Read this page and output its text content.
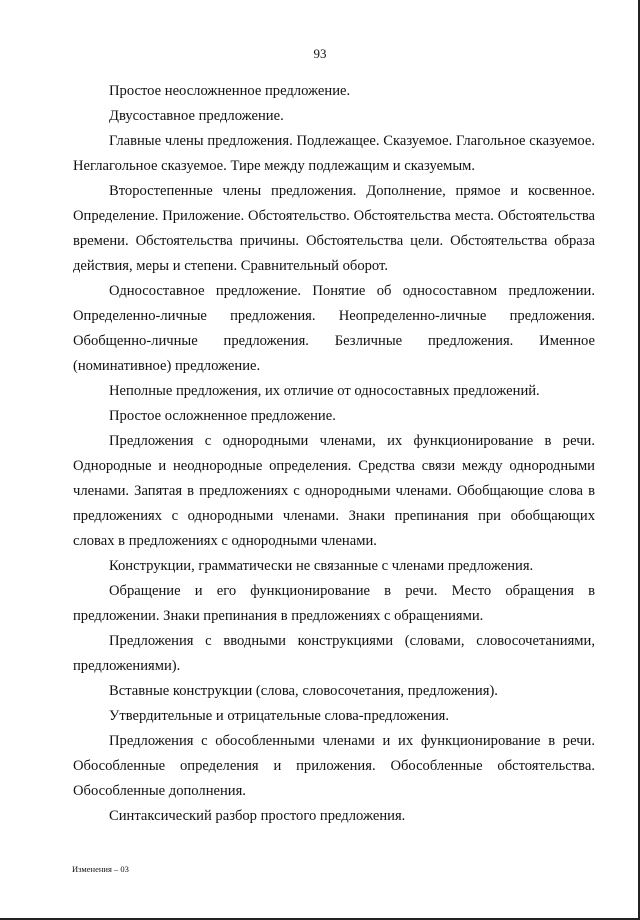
93

Простое неосложненное предложение.

Двусоставное предложение.

Главные члены предложения. Подлежащее. Сказуемое. Глагольное сказуемое. Неглагольное сказуемое. Тире между подлежащим и сказуемым.

Второстепенные члены предложения. Дополнение, прямое и косвенное. Определение. Приложение. Обстоятельство. Обстоятельства места. Обстоятельства времени. Обстоятельства причины. Обстоятельства цели. Обстоятельства образа действия, меры и степени. Сравнительный оборот.

Односоставное предложение. Понятие об односоставном предложении. Определенно-личные предложения. Неопределенно-личные предложения. Обобщенно-личные предложения. Безличные предложения. Именное (номинативное) предложение.

Неполные предложения, их отличие от односоставных предложений.

Простое осложненное предложение.

Предложения с однородными членами, их функционирование в речи. Однородные и неоднородные определения. Средства связи между однородными членами. Запятая в предложениях с однородными членами. Обобщающие слова в предложениях с однородными членами. Знаки препинания при обобщающих словах в предложениях с однородными членами.

Конструкции, грамматически не связанные с членами предложения.

Обращение и его функционирование в речи. Место обращения в предложении. Знаки препинания в предложениях с обращениями.

Предложения с вводными конструкциями (словами, словосочетаниями, предложениями).

Вставные конструкции (слова, словосочетания, предложения).

Утвердительные и отрицательные слова-предложения.

Предложения с обособленными членами и их функционирование в речи. Обособленные определения и приложения. Обособленные обстоятельства. Обособленные дополнения.

Синтаксический разбор простого предложения.

Изменения – 03
